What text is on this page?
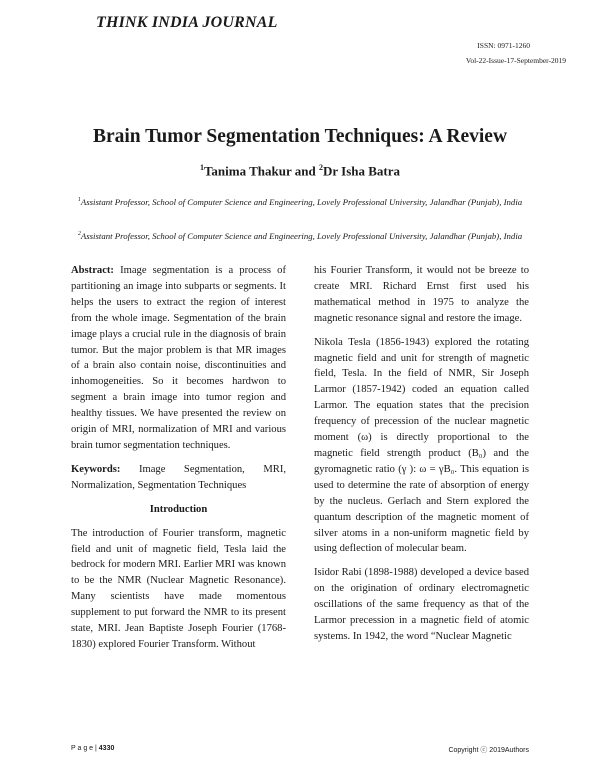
THINK INDIA JOURNAL
ISSN: 0971-1260
Vol-22-Issue-17-September-2019
Brain Tumor Segmentation Techniques: A Review
$^1$Tanima Thakur and $^2$Dr Isha Batra
$^1$Assistant Professor, School of Computer Science and Engineering, Lovely Professional University, Jalandhar (Punjab), India
$^2$Assistant Professor, School of Computer Science and Engineering, Lovely Professional University, Jalandhar (Punjab), India

Abstract: Image segmentation is a process of partitioning an image into subparts or segments. It helps the users to extract the region of interest from the whole image. Segmentation of the brain image plays a crucial rule in the diagnosis of brain tumor. But the major problem is that MR images of a brain also contain noise, discontinuities and inhomogeneities. So it becomes hardwon to segment a brain image into tumor region and healthy tissues. We have presented the review on origin of MRI, normalization of MRI and various brain tumor segmentation techniques.

Keywords: Image Segmentation, MRI, Normalization, Segmentation Techniques

Introduction

The introduction of Fourier transform, magnetic field and unit of magnetic field, Tesla laid the bedrock for modern MRI. Earlier MRI was known to be the NMR (Nuclear Magnetic Resonance). Many scientists have made momentous supplement to put forward the NMR to its present state, MRI. Jean Baptiste Joseph Fourier (1768-1830) explored Fourier Transform. Without

his Fourier Transform, it would not be breeze to create MRI. Richard Ernst first used his mathematical method in 1975 to analyze the magnetic resonance signal and restore the image.

Nikola Tesla (1856-1943) explored the rotating magnetic field and unit for strength of magnetic field, Tesla. In the field of NMR, Sir Joseph Larmor (1857-1942) coded an equation called Larmor. The equation states that the precision frequency of precession of the nuclear magnetic moment (ω) is directly proportional to the magnetic field strength product (B₀) and the gyromagnetic ratio (γ ): ω = γB₀. This equation is used to determine the rate of absorption of energy by the nucleus. Gerlach and Stern explored the quantum description of the magnetic moment of silver atoms in a non-uniform magnetic field by using deflection of molecular beam.

Isidor Rabi (1898-1988) developed a device based on the origination of ordinary electromagnetic oscillations of the same frequency as that of the Larmor precession in a magnetic field of atomic systems. In 1942, the word “Nuclear Magnetic

P a g e | 4330	Copyright ⓒ 2019Authors
